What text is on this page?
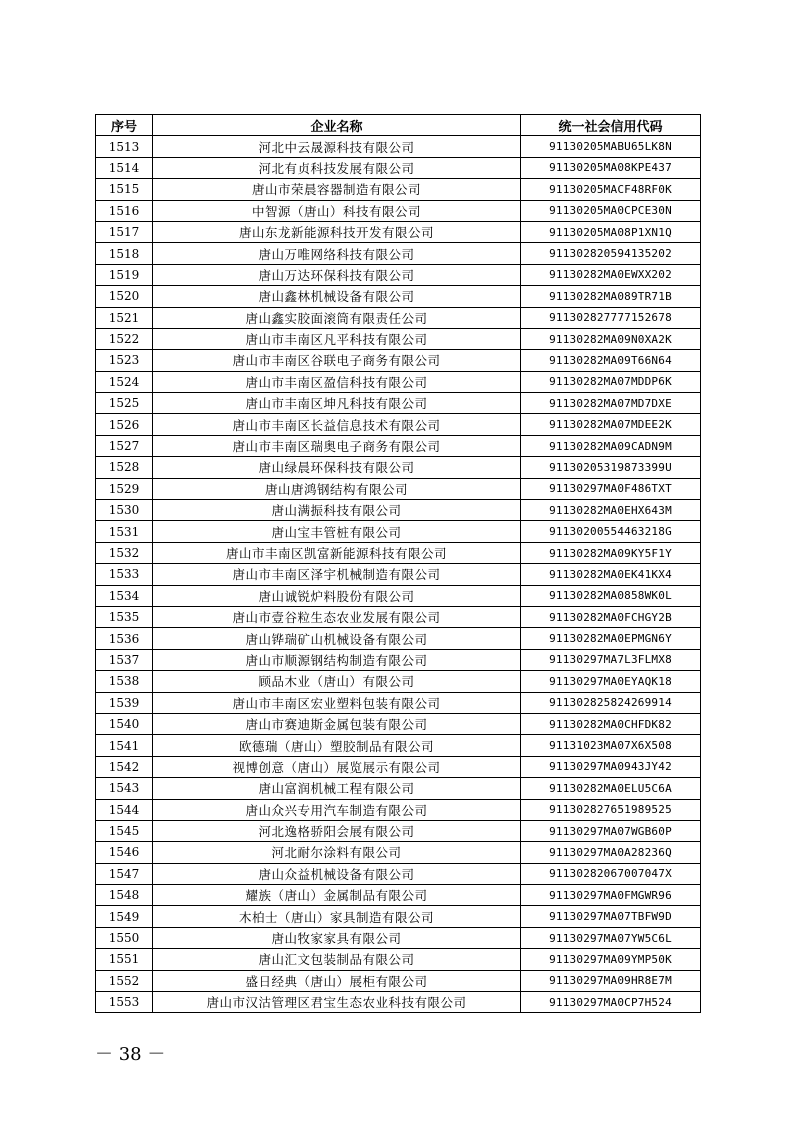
序号	企业名称	统一社会信用代码
1513	河北中云晟源科技有限公司	91130205MABU65LK8N
1514	河北有贞科技发展有限公司	91130205MA08KPE437
1515	唐山市荣晨容器制造有限公司	91130205MACF48RF0K
1516	中智源（唐山）科技有限公司	91130205MA0CPCE30N
1517	唐山东龙新能源科技开发有限公司	91130205MA08P1XN1Q
1518	唐山万唯网络科技有限公司	911302820594135202
1519	唐山万达环保科技有限公司	91130282MA0EWXX202
1520	唐山鑫林机械设备有限公司	91130282MA089TR71B
1521	唐山鑫实胶面滚筒有限责任公司	911302827777152678
1522	唐山市丰南区凡平科技有限公司	91130282MA09N0XA2K
1523	唐山市丰南区谷联电子商务有限公司	91130282MA09T66N64
1524	唐山市丰南区盈信科技有限公司	91130282MA07MDDP6K
1525	唐山市丰南区坤凡科技有限公司	91130282MA07MD7DXE
1526	唐山市丰南区长益信息技术有限公司	91130282MA07MDEE2K
1527	唐山市丰南区瑞奥电子商务有限公司	91130282MA09CADN9M
1528	唐山绿晨环保科技有限公司	91130205319873399U
1529	唐山唐鸿钢结构有限公司	91130297MA0F486TXT
1530	唐山满振科技有限公司	91130282MA0EHX643M
1531	唐山宝丰管桩有限公司	91130200554463218G
1532	唐山市丰南区凯富新能源科技有限公司	91130282MA09KY5F1Y
1533	唐山市丰南区泽宇机械制造有限公司	91130282MA0EK41KX4
1534	唐山诚锐炉料股份有限公司	91130282MA0858WK0L
1535	唐山市壹谷粒生态农业发展有限公司	91130282MA0FCHGY2B
1536	唐山铧瑞矿山机械设备有限公司	91130282MA0EPMGN6Y
1537	唐山市顺源钢结构制造有限公司	91130297MA7L3FLMX8
1538	顾品木业（唐山）有限公司	91130297MA0EYAQK18
1539	唐山市丰南区宏业塑料包装有限公司	911302825824269914
1540	唐山市赛迪斯金属包装有限公司	91130282MA0CHFDK82
1541	欧德瑞（唐山）塑胶制品有限公司	91131023MA07X6X508
1542	视博创意（唐山）展览展示有限公司	91130297MA0943JY42
1543	唐山富润机械工程有限公司	91130282MA0ELU5C6A
1544	唐山众兴专用汽车制造有限公司	911302827651989525
1545	河北逸格骄阳会展有限公司	91130297MA07WGB60P
1546	河北耐尔涂料有限公司	91130297MA0A28236Q
1547	唐山众益机械设备有限公司	91130282067007047X
1548	耀族（唐山）金属制品有限公司	91130297MA0FMGWR96
1549	木柏士（唐山）家具制造有限公司	91130297MA07TBFW9D
1550	唐山牧家家具有限公司	91130297MA07YW5C6L
1551	唐山汇文包装制品有限公司	91130297MA09YMP50K
1552	盛日经典（唐山）展柜有限公司	91130297MA09HR8E7M
1553	唐山市汉沽管理区君宝生态农业科技有限公司	91130297MA0CP7H524
－ 38 －
